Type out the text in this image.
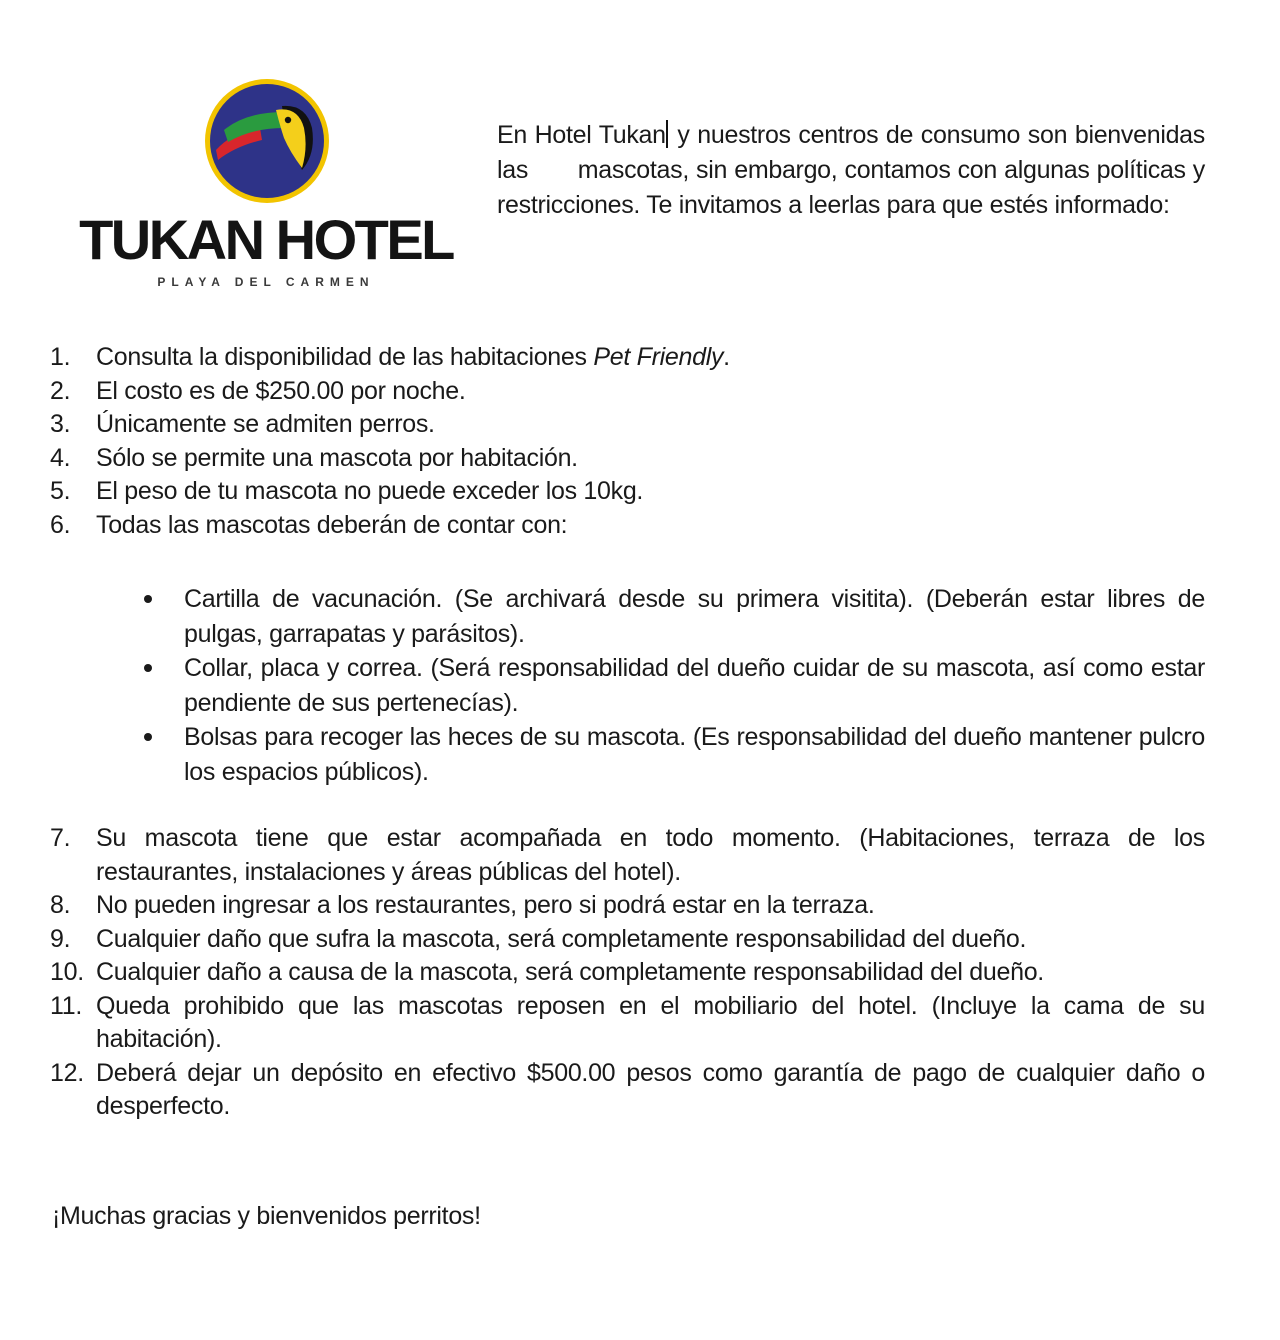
TUKAN HOTEL
PLAYA DEL CARMEN
En Hotel Tukan y nuestros centros de consumo son bienvenidas las       mascotas, sin embargo, contamos con algunas políticas y restricciones. Te invitamos a leerlas para que estés informado:
1.	Consulta la disponibilidad de las habitaciones Pet Friendly.
2.	El costo es de $250.00 por noche.
3.	Únicamente se admiten perros.
4.	Sólo se permite una mascota por habitación.
5.	El peso de tu mascota no puede exceder los 10kg.
6.	Todas las mascotas deberán de contar con:
Cartilla de vacunación. (Se archivará desde su primera visitita). (Deberán estar libres de pulgas, garrapatas y parásitos).
Collar, placa y correa. (Será responsabilidad del dueño cuidar de su mascota, así como estar pendiente de sus pertenecías).
Bolsas para recoger las heces de su mascota. (Es responsabilidad del dueño mantener pulcro los espacios públicos).
7.	Su mascota tiene que estar acompañada en todo momento. (Habitaciones, terraza de los restaurantes, instalaciones y áreas públicas del hotel).
8.	No pueden ingresar a los restaurantes, pero si podrá estar en la terraza.
9.	Cualquier daño que sufra la mascota, será completamente responsabilidad del dueño.
10. Cualquier daño a causa de la mascota, será completamente responsabilidad del dueño.
11. Queda prohibido que las mascotas reposen en el mobiliario del hotel. (Incluye la cama de su habitación).
12. Deberá dejar un depósito en efectivo $500.00 pesos como garantía de pago de cualquier daño o desperfecto.
¡Muchas gracias y bienvenidos perritos!
